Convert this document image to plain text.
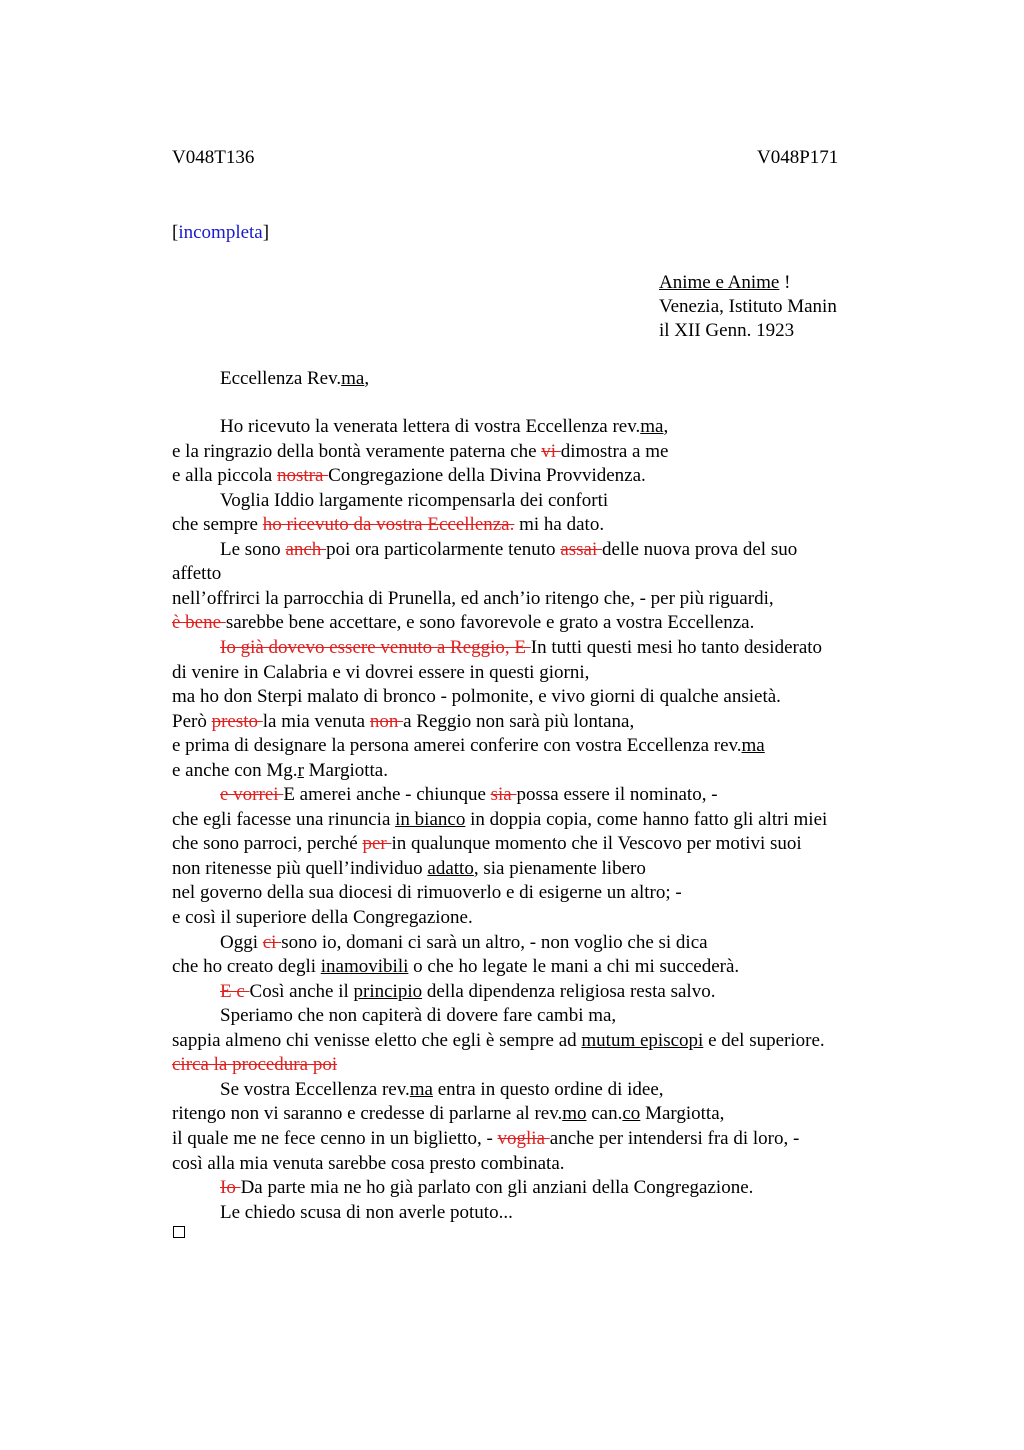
V048T136	V048P171
[incompleta]
Anime e Anime !
Venezia, Istituto Manin
il XII Genn. 1923
Eccellenza Rev.ma,
Ho ricevuto la venerata lettera di vostra Eccellenza rev.ma,
e la ringrazio della bontà veramente paterna che vi dimostra a me
e alla piccola nostra Congregazione della Divina Provvidenza.
Voglia Iddio largamente ricompensarla dei conforti
che sempre ho ricevuto da vostra Eccellenza. mi ha dato.
Le sono anch poi ora particolarmente tenuto assai delle nuova prova del suo
affetto
nell’offrirci la parrocchia di Prunella, ed anch’io ritengo che, - per più riguardi,
è bene sarebbe bene accettare, e sono favorevole e grato a vostra Eccellenza.
Io già dovevo essere venuto a Reggio, E In tutti questi mesi ho tanto desiderato
di venire in Calabria e vi dovrei essere in questi giorni,
ma ho don Sterpi malato di bronco - polmonite, e vivo giorni di qualche ansietà.
Però presto la mia venuta non a Reggio non sarà più lontana,
e prima di designare la persona amerei conferire con vostra Eccellenza rev.ma
e anche con Mg.r Margiotta.
e vorrei E amerei anche - chiunque sia possa essere il nominato, -
che egli facesse una rinuncia in bianco in doppia copia, come hanno fatto gli altri miei
che sono parroci, perché per in qualunque momento che il Vescovo per motivi suoi
non ritenesse più quell’individuo adatto, sia pienamente libero
nel governo della sua diocesi di rimuoverlo e di esigerne un altro; -
e così il superiore della Congregazione.
Oggi ci sono io, domani ci sarà un altro, - non voglio che si dica
che ho creato degli inamovibili o che ho legate le mani a chi mi succederà.
E c Così anche il principio della dipendenza religiosa resta salvo.
Speriamo che non capiterà di dovere fare cambi ma,
sappia almeno chi venisse eletto che egli è sempre ad mutum episcopi e del superiore.
circa la procedura poi
Se vostra Eccellenza rev.ma entra in questo ordine di idee,
ritengo non vi saranno e credesse di parlarne al rev.mo can.co Margiotta,
il quale me ne fece cenno in un biglietto, - voglia anche per intendersi fra di loro, -
così alla mia venuta sarebbe cosa presto combinata.
Io Da parte mia ne ho già parlato con gli anziani della Congregazione.
Le chiedo scusa di non averle potuto...
